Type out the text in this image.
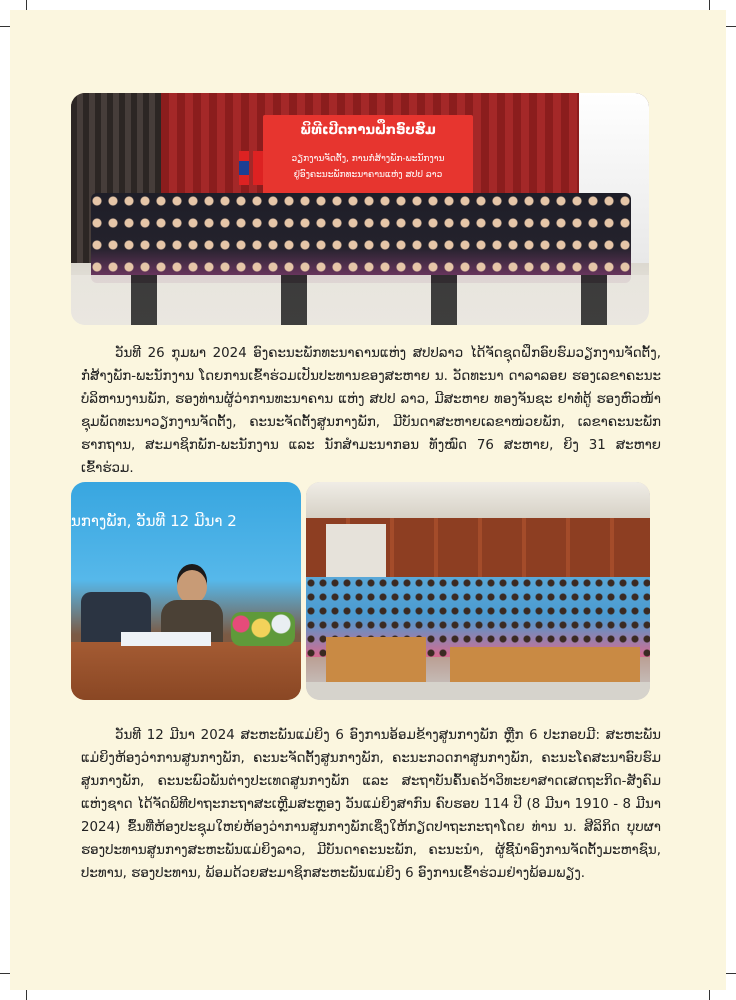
ພິທີເປີດການຝຶກອົບຮົມ
ວຽກງານຈັດຕັ້ງ, ການກໍ່ສ້າງພັກ-ພະນັກງານ
ຢູ່ອົງຄະນະພັກທະນາຄານແຫ່ງ ສປປ ລາວ

ວັນທີ 26 ກຸມພາ 2024 ອົງຄະນະພັກທະນາຄານແຫ່ງ ສປປລາວ ໄດ້ຈັດຊຸດຝຶກອົບຮົມວຽກງານຈັດຕັ້ງ, ກໍ່ສ້າງພັກ-ພະນັກງານ ໂດຍການເຂົ້າຮ່ວມເປັນປະທານຂອງສະຫາຍ ນ. ວັດທະນາ ດາລາລອຍ ຮອງເລຂາຄະນະບໍລິຫານງານພັກ, ຮອງທ່ານຜູ້ວ່າການທະນາຄານ ແຫ່ງ ສປປ ລາວ, ມີສະຫາຍ ທອງຈັນຊະ ຢາທໍ່ຕູ້ ຮອງຫົວໜ້າຊຸມພັດທະນາວຽກງານຈັດຕັ້ງ, ຄະນະຈັດຕັ້ງສູນກາງພັກ, ມີບັນດາສະຫາຍເລຂາໜ່ວຍພັກ, ເລຂາຄະນະພັກຮາກຖານ, ສະມາຊິກພັກ-ພະນັກງານ ແລະ ນັກສຳມະນາກອນ ທັງໝົດ 76 ສະຫາຍ, ຍິງ 31 ສະຫາຍ ເຂົ້າຮ່ວມ.

ນກາງພັກ, ວັນທີ 12 ມີນາ 2

ວັນທີ 12 ມີນາ 2024 ສະຫະພັນແມ່ຍິງ 6 ອົງການອ້ອມຂ້າງສູນກາງພັກ ຫຼືກ 6 ປະກອບມີ: ສະຫະພັນແມ່ຍິງຫ້ອງວ່າການສູນກາງພັກ, ຄະນະຈັດຕັ້ງສູນກາງພັກ, ຄະນະກວດກາສູນກາງພັກ, ຄະນະໂຄສະນາອົບຮົມສູນກາງພັກ, ຄະນະພົວພັນຕ່າງປະເທດສູນກາງພັກ ແລະ ສະຖາບັນຄົ້ນຄວ້າວິທະຍາສາດເສດຖະກິດ-ສັງຄົມແຫ່ງຊາດ ໄດ້ຈັດພິທີປາຖະກະຖາສະເຫຼີມສະຫຼອງ ວັນແມ່ຍິງສາກົນ ຄົບຮອບ 114 ປີ (8 ມີນາ 1910 - 8 ມີນາ 2024) ຂຶ້ນທີ່ຫ້ອງປະຊຸມໃຫຍ່ຫ້ອງວ່າການສູນກາງພັກເຊິ່ງໃຫ້ກຽດປາຖະກະຖາໂດຍ ທ່ານ ນ. ສີລິກິດ ບຸບຜາ ຮອງປະທານສູນກາງສະຫະພັນແມ່ຍິງລາວ, ມີບັນດາຄະນະພັກ, ຄະນະນຳ, ຜູ້ຊີ້ນຳອົງການຈັດຕັ້ງມະຫາຊົນ, ປະທານ, ຮອງປະທານ, ພ້ອມດ້ວຍສະມາຊິກສະຫະພັນແມ່ຍິງ 6 ອົງການເຂົ້າຮ່ວມຢ່າງພ້ອມພຽງ.
